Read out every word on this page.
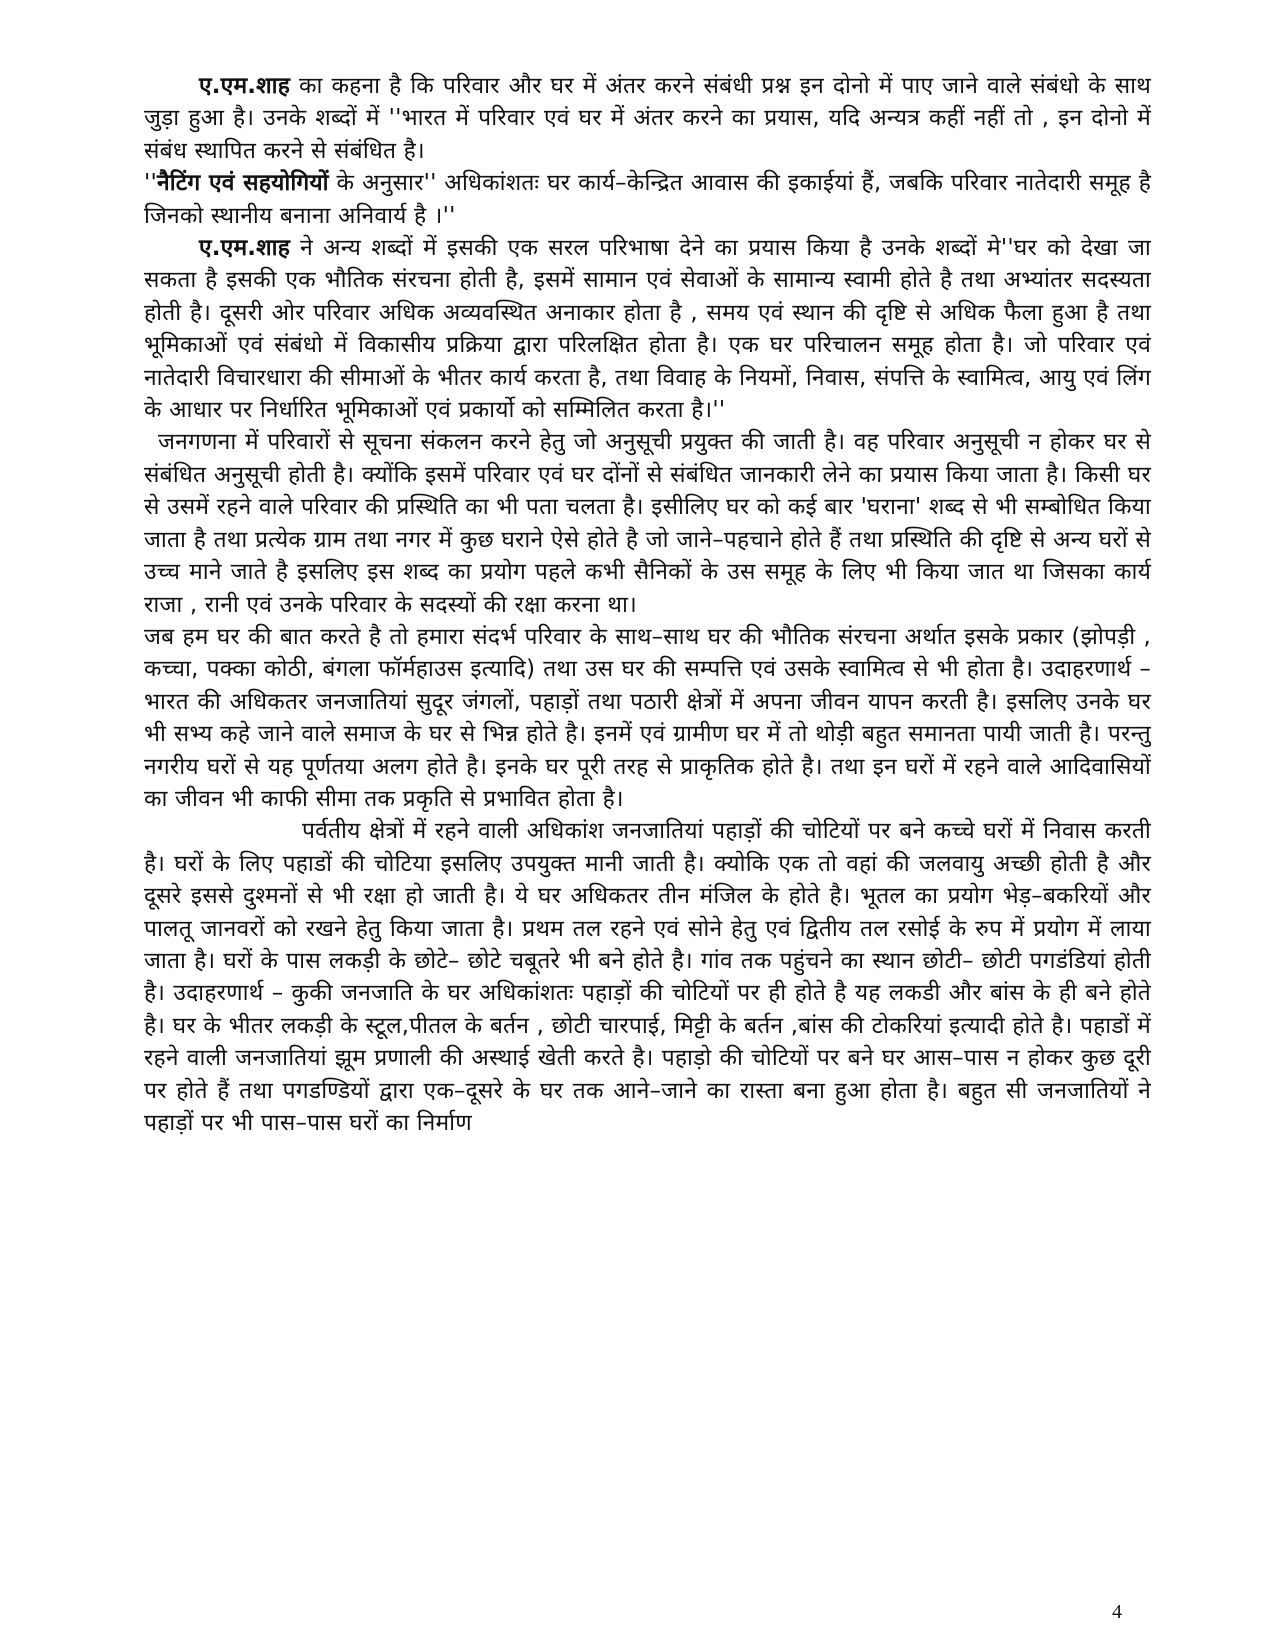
ए.एम.शाह का कहना है कि परिवार और घर में अंतर करने संबंधी प्रश्न इन दोनो में पाए जाने वाले संबंधो के साथ जुड़ा हुआ है। उनके शब्दों में ''भारत में परिवार एवं घर में अंतर करने का प्रयास, यदि अन्यत्र कहीं नहीं तो , इन दोनो में संबंध स्थापित करने से संबंधित है।

''नैटिंग एवं सहयोगियों के अनुसार'' अधिकांशतः घर कार्य–केन्द्रित आवास की इकाईयां हैं, जबकि परिवार नातेदारी समूह है जिनको स्थानीय बनाना अनिवार्य है ।''

ए.एम.शाह ने अन्य शब्दों में इसकी एक सरल परिभाषा देने का प्रयास किया है उनके शब्दों मे''घर को देखा जा सकता है इसकी एक भौतिक संरचना होती है, इसमें सामान एवं सेवाओं के सामान्य स्वामी होते है तथा अभ्यांतर सदस्यता होती है। दूसरी ओर परिवार अधिक अव्यवस्थित अनाकार होता है , समय एवं स्थान की दृष्टि से अधिक फैला हुआ है तथा भूमिकाओं एवं संबंधो में विकासीय प्रक्रिया द्वारा परिलक्षित होता है। एक घर परिचालन समूह होता है। जो परिवार एवं नातेदारी विचारधारा की सीमाओं के भीतर कार्य करता है, तथा विवाह के नियमों, निवास, संपत्ति के स्वामित्व, आयु एवं लिंग के आधार पर निर्धारित भूमिकाओं एवं प्रकार्यो को सम्मिलित करता है।''

जनगणना में परिवारों से सूचना संकलन करने हेतु जो अनुसूची प्रयुक्त की जाती है। वह परिवार अनुसूची न होकर घर से संबंधित अनुसूची होती है। क्योंकि इसमें परिवार एवं घर दोंनों से संबंधित जानकारी लेने का प्रयास किया जाता है। किसी घर से उसमें रहने वाले परिवार की प्रस्थिति का भी पता चलता है। इसीलिए घर को कई बार 'घराना' शब्द से भी सम्बोधित किया जाता है तथा प्रत्येक ग्राम तथा नगर में कुछ घराने ऐसे होते है जो जाने–पहचाने होते हैं तथा प्रस्थिति की दृष्टि से अन्य घरों से उच्च माने जाते है इसलिए इस शब्द का प्रयोग पहले कभी सैनिकों के उस समूह के लिए भी किया जात था जिसका कार्य राजा , रानी एवं उनके परिवार के सदस्यों की रक्षा करना था।

जब हम घर की बात करते है तो हमारा संदर्भ परिवार के साथ–साथ घर की भौतिक संरचना अर्थात इसके प्रकार (झोपड़ी , कच्चा, पक्का कोठी, बंगला फॉर्महाउस इत्यादि) तथा उस घर की सम्पत्ति एवं उसके स्वामित्व से भी होता है। उदाहरणार्थ – भारत की अधिकतर जनजातियां सुदूर जंगलों, पहाड़ों तथा पठारी क्षेत्रों में अपना जीवन यापन करती है। इसलिए उनके घर भी सभ्य कहे जाने वाले समाज के घर से भिन्न होते है। इनमें एवं ग्रामीण घर में तो थोड़ी बहुत समानता पायी जाती है। परन्तु नगरीय घरों से यह पूर्णतया अलग होते है। इनके घर पूरी तरह से प्राकृतिक होते है। तथा इन घरों में रहने वाले आदिवासियों का जीवन भी काफी सीमा तक प्रकृति से प्रभावित होता है।

पर्वतीय क्षेत्रों में रहने वाली अधिकांश जनजातियां पहाड़ों की चोटियों पर बने कच्चे घरों में निवास करती है। घरों के लिए पहाडों की चोटिया इसलिए उपयुक्त मानी जाती है। क्योकि एक तो वहां की जलवायु अच्छी होती है और दूसरे इससे दुश्मनों से भी रक्षा हो जाती है। ये घर अधिकतर तीन मंजिल के होते है। भूतल का प्रयोग भेड़–बकरियों और पालतू जानवरों को रखने हेतु किया जाता है। प्रथम तल रहने एवं सोने हेतु एवं द्वितीय तल रसोई के रुप में प्रयोग में लाया जाता है। घरों के पास लकड़ी के छोटे– छोटे चबूतरे भी बने होते है। गांव तक पहुंचने का स्थान छोटी– छोटी पगडंडियां होती है। उदाहरणार्थ – कुकी जनजाति के घर अधिकांशतः पहाड़ों की चोटियों पर ही होते है यह लकडी और बांस के ही बने होते है। घर के भीतर लकड़ी के स्टूल,पीतल के बर्तन , छोटी चारपाई, मिट्टी के बर्तन ,बांस की टोकरियां इत्यादी होते है। पहाडों में रहने वाली जनजातियां झूम प्रणाली की अस्थाई खेती करते है। पहाड़ो की चोटियों पर बने घर आस–पास न होकर कुछ दूरी पर होते हैं तथा पगडण्डियों द्वारा एक–दूसरे के घर तक आने–जाने का रास्ता बना हुआ होता है। बहुत सी जनजातियों ने पहाड़ों पर भी पास–पास घरों का निर्माण

4
